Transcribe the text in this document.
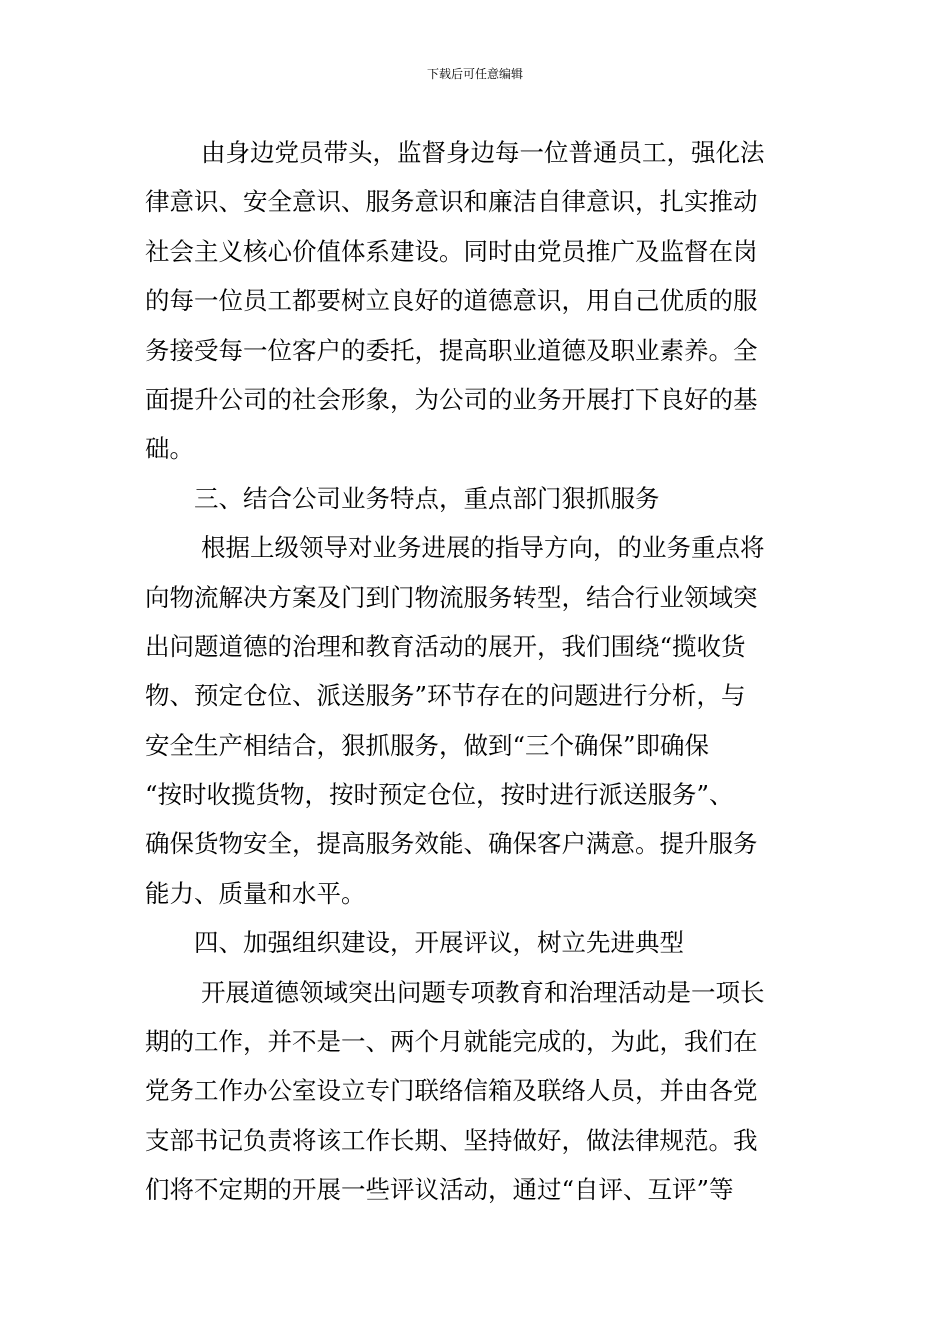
下载后可任意编辑
由身边党员带头，监督身边每一位普通员工，强化法
律意识、安全意识、服务意识和廉洁自律意识，扎实推动
社会主义核心价值体系建设。同时由党员推广及监督在岗
的每一位员工都要树立良好的道德意识，用自己优质的服
务接受每一位客户的委托，提高职业道德及职业素养。全
面提升公司的社会形象，为公司的业务开展打下良好的基
础。
三、结合公司业务特点，重点部门狠抓服务
根据上级领导对业务进展的指导方向，的业务重点将
向物流解决方案及门到门物流服务转型，结合行业领域突
出问题道德的治理和教育活动的展开，我们围绕“揽收货
物、预定仓位、派送服务”环节存在的问题进行分析，与
安全生产相结合，狠抓服务，做到“三个确保”即确保
“按时收揽货物，按时预定仓位，按时进行派送服务”、
确保货物安全，提高服务效能、确保客户满意。提升服务
能力、质量和水平。
四、加强组织建设，开展评议，树立先进典型
开展道德领域突出问题专项教育和治理活动是一项长
期的工作，并不是一、两个月就能完成的，为此，我们在
党务工作办公室设立专门联络信箱及联络人员，并由各党
支部书记负责将该工作长期、坚持做好，做法律规范。我
们将不定期的开展一些评议活动，通过“自评、互评”等
